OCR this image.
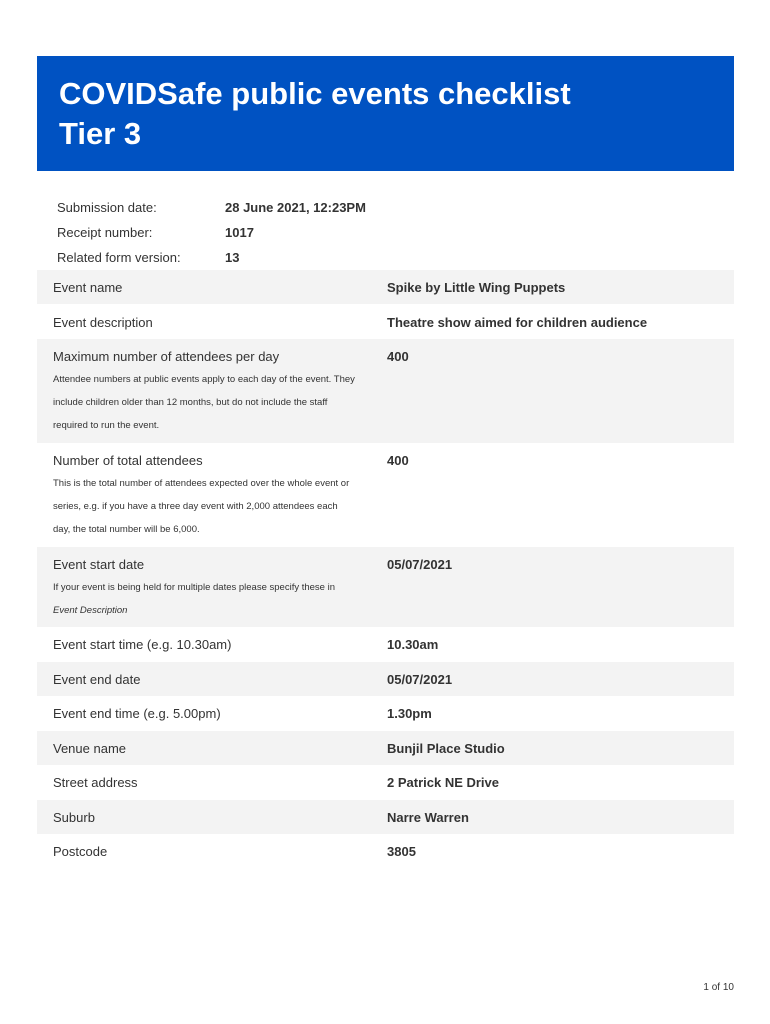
COVIDSafe public events checklist
Tier 3
Submission date:	28 June 2021, 12:23PM
Receipt number:	1017
Related form version:	13
Event name	Spike by Little Wing Puppets
Event description	Theatre show aimed for children audience
Maximum number of attendees per day	400
Attendee numbers at public events apply to each day of the event. They
include children older than 12 months, but do not include the staff
required to run the event.
Number of total attendees	400
This is the total number of attendees expected over the whole event or
series, e.g. if you have a three day event with 2,000 attendees each
day, the total number will be 6,000.
Event start date	05/07/2021
If your event is being held for multiple dates please specify these in
Event Description
Event start time (e.g. 10.30am)	10.30am
Event end date	05/07/2021
Event end time (e.g. 5.00pm)	1.30pm
Venue name	Bunjil Place Studio
Street address	2 Patrick NE Drive
Suburb	Narre Warren
Postcode	3805
1 of 10
